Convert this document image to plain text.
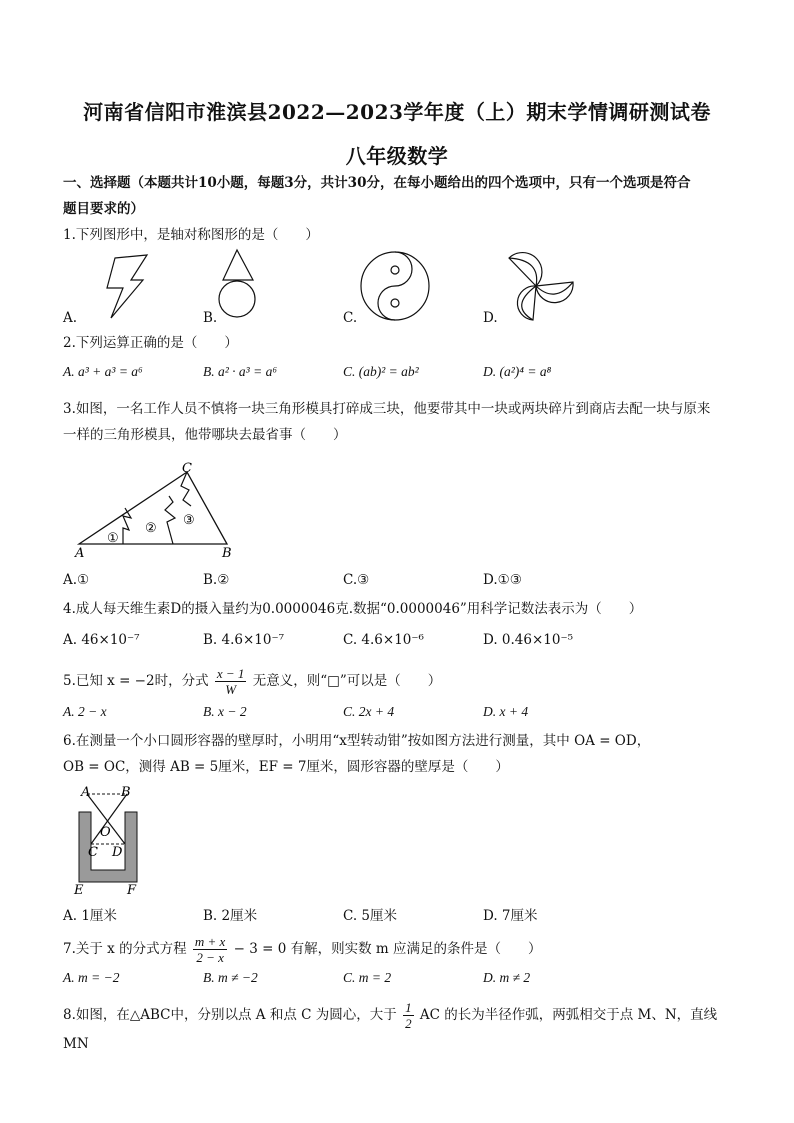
河南省信阳市淮滨县2022—2023学年度（上）期末学情调研测试卷
八年级数学
一、选择题（本题共计10小题，每题3分，共计30分，在每小题给出的四个选项中，只有一个选项是符合
题目要求的）
1.下列图形中，是轴对称图形的是（　　）
A.	B.	C.	D.
2.下列运算正确的是（　　）
A. a³ + a³ = a⁶	B. a² · a³ = a⁶	C. (ab)² = ab²	D. (a²)⁴ = a⁸
3.如图，一名工作人员不慎将一块三角形模具打碎成三块，他要带其中一块或两块碎片到商店去配一块与原来
一样的三角形模具，他带哪块去最省事（　　）
A	B
C
①
②
③
A.①	B.②	C.③	D.①③
4.成人每天维生素D的摄入量约为0.0000046克.数据“0.0000046”用科学记数法表示为（　　）
A. 46×10⁻⁷	B. 4.6×10⁻⁷	C. 4.6×10⁻⁶	D. 0.46×10⁻⁵
5.已知 x = −2时，分式 $\frac{x - 1}{W}$ 无意义，则“□”可以是（　　）
A. 2 − x	B. x − 2	C. 2x + 4	D. x + 4
6.在测量一个小口圆形容器的壁厚时，小明用“x型转动钳”按如图方法进行测量，其中 OA = OD，
OB = OC，测得 AB = 5厘米，EF = 7厘米，圆形容器的壁厚是（　　）
A B
O
C D
E	F
A. 1厘米	B. 2厘米	C. 5厘米	D. 7厘米
7.关于 x 的分式方程 $\frac{m + x}{2 - x} - 3 = 0$ 有解，则实数 m 应满足的条件是（　　）
A. m = −2	B. m ≠ −2	C. m = 2	D. m ≠ 2
8.如图，在△ABC中，分别以点 A 和点 C 为圆心，大于 $\frac{1}{2}$ AC 的长为半径作弧，两弧相交于点 M、N，直线 MN
